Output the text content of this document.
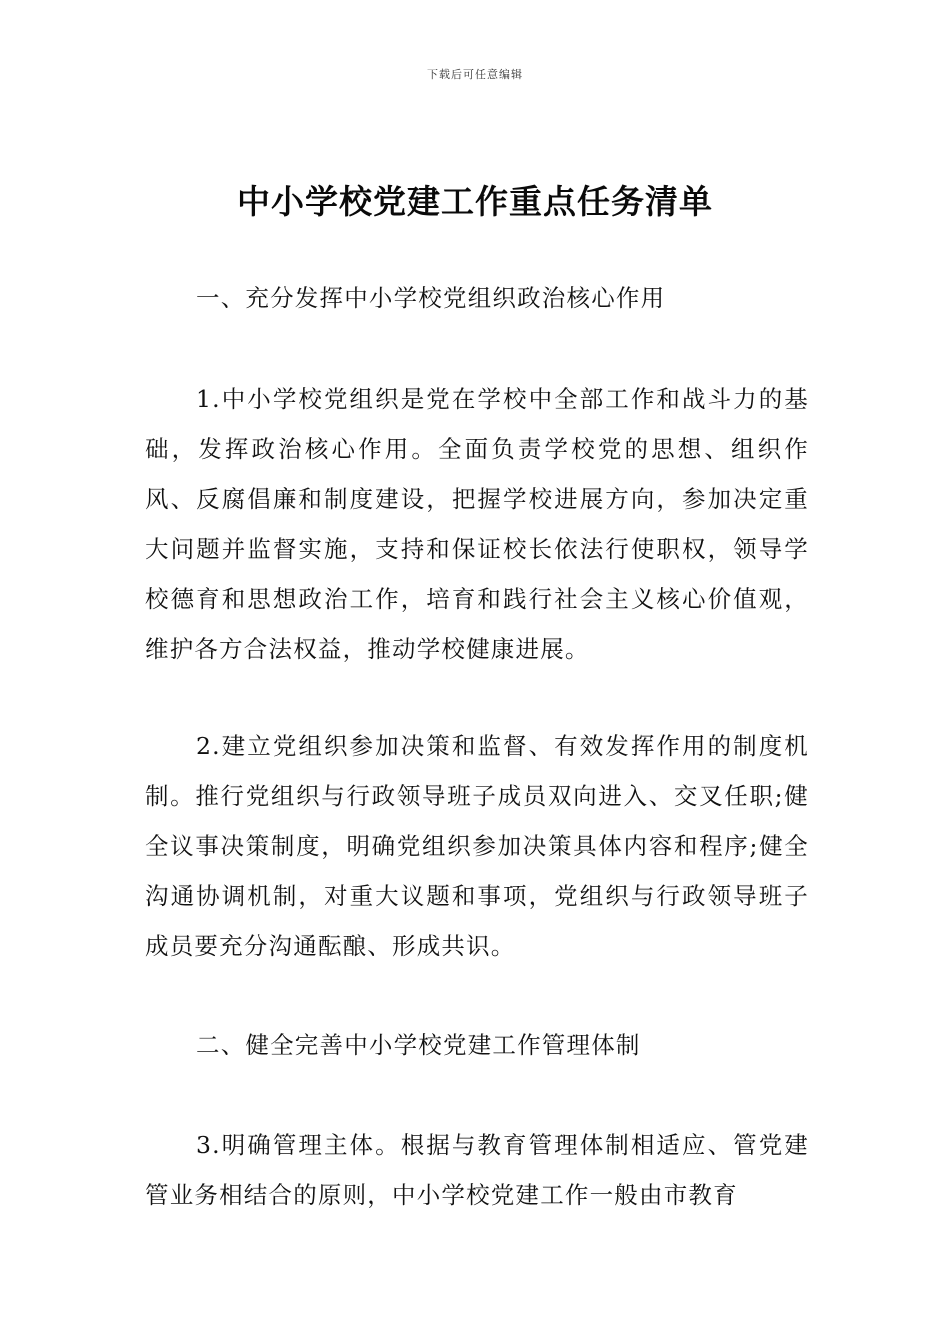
下载后可任意编辑
中小学校党建工作重点任务清单
一、充分发挥中小学校党组织政治核心作用

1.中小学校党组织是党在学校中全部工作和战斗力的基础，发挥政治核心作用。全面负责学校党的思想、组织作风、反腐倡廉和制度建设，把握学校进展方向，参加决定重大问题并监督实施，支持和保证校长依法行使职权，领导学校德育和思想政治工作，培育和践行社会主义核心价值观，维护各方合法权益，推动学校健康进展。

2.建立党组织参加决策和监督、有效发挥作用的制度机制。推行党组织与行政领导班子成员双向进入、交叉任职;健全议事决策制度，明确党组织参加决策具体内容和程序;健全沟通协调机制，对重大议题和事项，党组织与行政领导班子成员要充分沟通酝酿、形成共识。

二、健全完善中小学校党建工作管理体制

3.明确管理主体。根据与教育管理体制相适应、管党建管业务相结合的原则，中小学校党建工作一般由市教育
